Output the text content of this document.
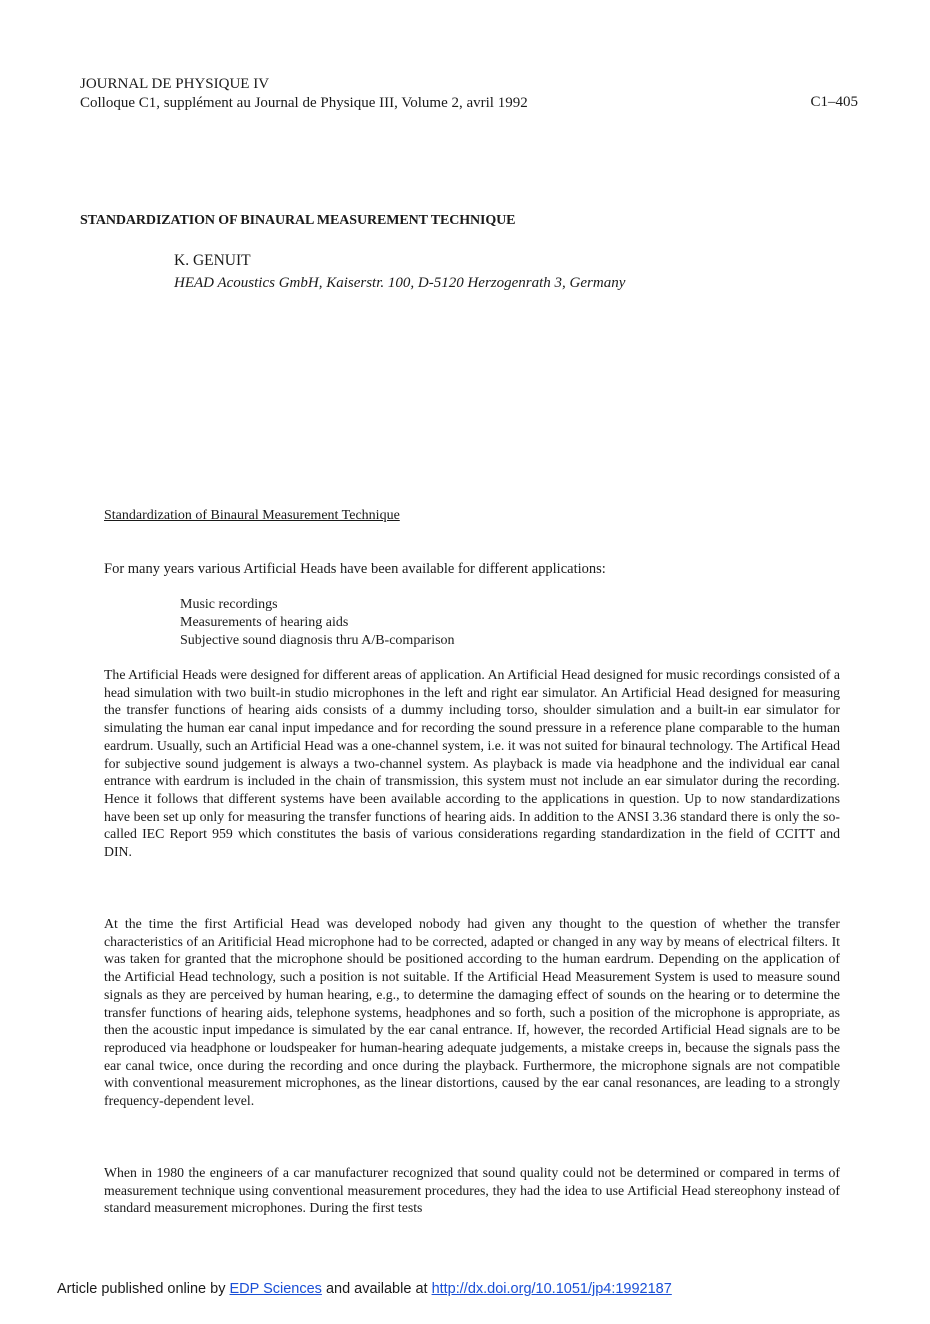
JOURNAL DE PHYSIQUE IV
Colloque C1, supplément au Journal de Physique III, Volume 2, avril 1992	C1–405
STANDARDIZATION OF BINAURAL MEASUREMENT TECHNIQUE
K. GENUIT
HEAD Acoustics GmbH, Kaiserstr. 100, D-5120 Herzogenrath 3, Germany
Standardization of Binaural Measurement Technique
For many years various Artificial Heads have been available for different applications:
Music recordings
Measurements of hearing aids
Subjective sound diagnosis thru A/B-comparison

The Artificial Heads were designed for different areas of application. An Artificial Head designed for music recordings consisted of a head simulation with two built-in studio microphones in the left and right ear simulator. An Artificial Head designed for measuring the transfer functions of hearing aids consists of a dummy including torso, shoulder simulation and a built-in ear simulator for simulating the human ear canal input impedance and for recording the sound pressure in a reference plane comparable to the human eardrum. Usually, such an Artificial Head was a one-channel system, i.e. it was not suited for binaural technology. The Artifical Head for subjective sound judgement is always a two-channel system. As playback is made via headphone and the individual ear canal entrance with eardrum is included in the chain of transmission, this system must not include an ear simulator during the recording. Hence it follows that different systems have been available according to the applications in question. Up to now standardizations have been set up only for measuring the transfer functions of hearing aids. In addition to the ANSI 3.36 standard there is only the so-called IEC Report 959 which constitutes the basis of various considerations regarding standardization in the field of CCITT and DIN.

At the time the first Artificial Head was developed nobody had given any thought to the question of whether the transfer characteristics of an Aritificial Head microphone had to be corrected, adapted or changed in any way by means of electrical filters. It was taken for granted that the microphone should be positioned according to the human eardrum. Depending on the application of the Artificial Head technology, such a position is not suitable. If the Artificial Head Measurement System is used to measure sound signals as they are perceived by human hearing, e.g., to determine the damaging effect of sounds on the hearing or to determine the transfer functions of hearing aids, telephone systems, headphones and so forth, such a position of the microphone is appropriate, as then the acoustic input impedance is simulated by the ear canal entrance. If, however, the recorded Artificial Head signals are to be reproduced via headphone or loudspeaker for human-hearing adequate judgements, a mistake creeps in, because the signals pass the ear canal twice, once during the recording and once during the playback. Furthermore, the microphone signals are not compatible with conventional measurement microphones, as the linear distortions, caused by the ear canal resonances, are leading to a strongly frequency-dependent level.

When in 1980 the engineers of a car manufacturer recognized that sound quality could not be determined or compared in terms of measurement technique using conventional measurement procedures, they had the idea to use Artificial Head stereophony instead of standard measurement microphones. During the first tests

Article published online by EDP Sciences and available at http://dx.doi.org/10.1051/jp4:1992187
